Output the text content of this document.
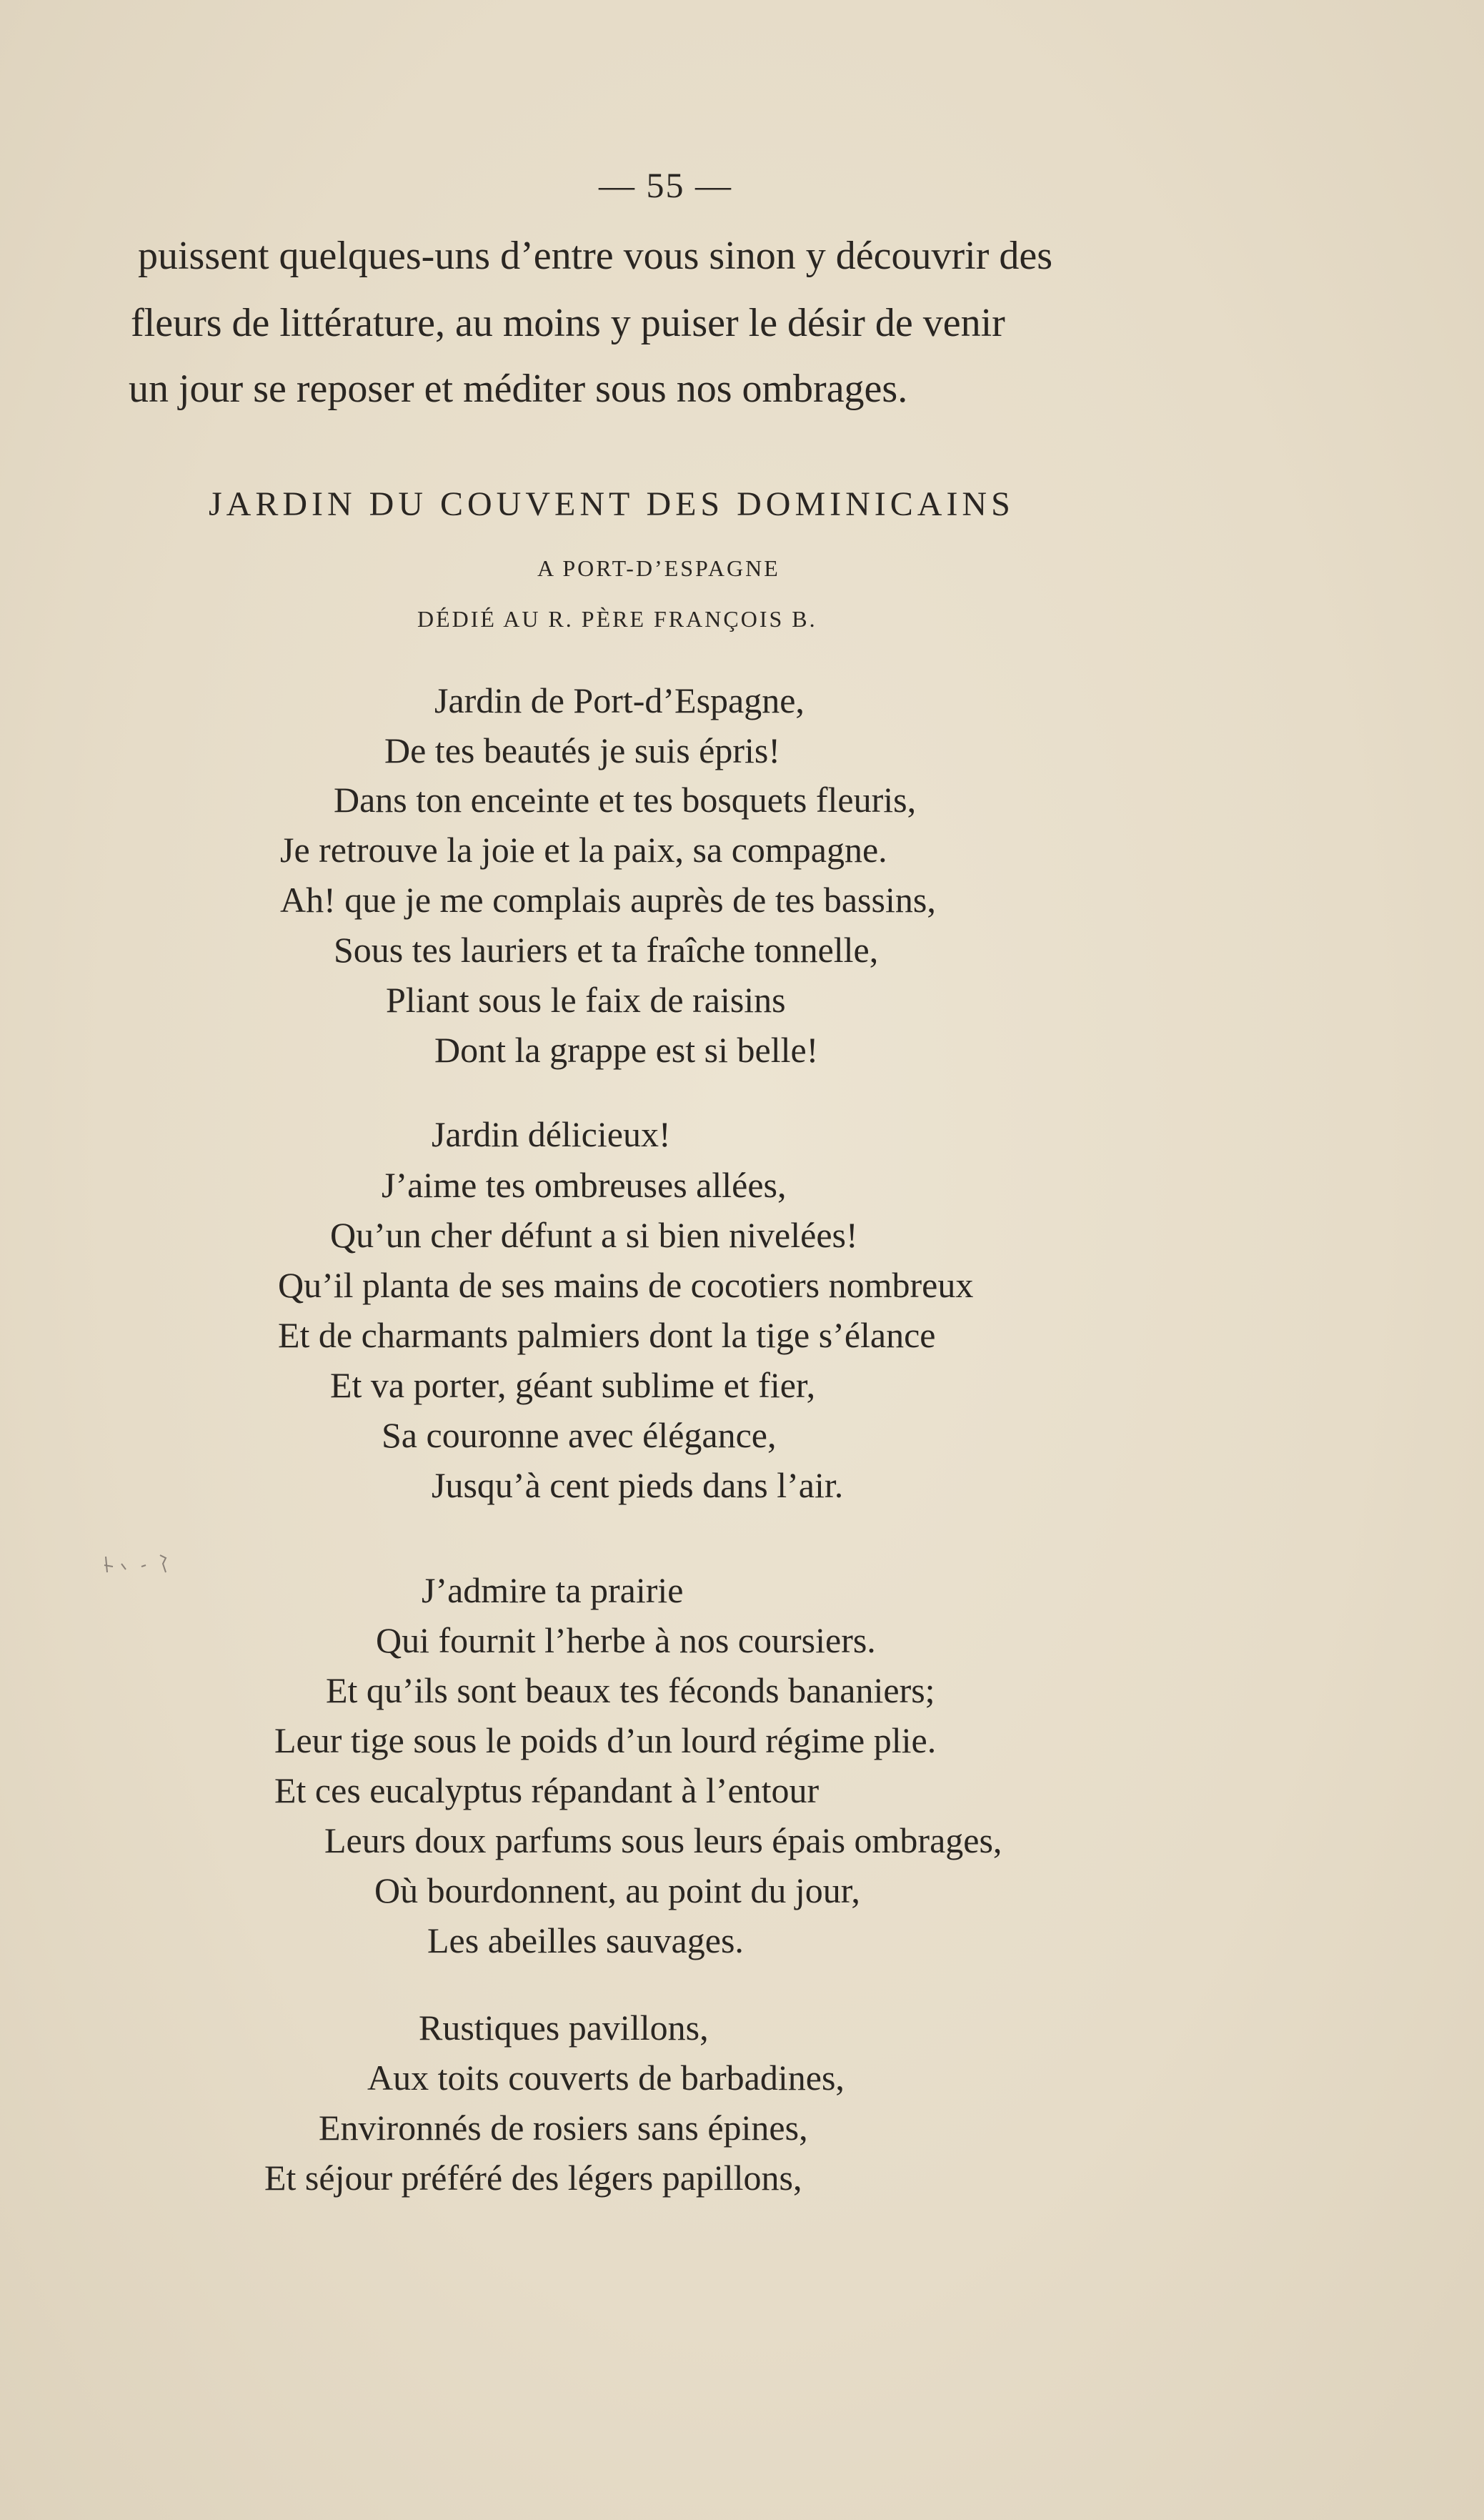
— 55 —
puissent quelques-uns d’entre vous sinon y découvrir des
fleurs de littérature, au moins y puiser le désir de venir
un jour se reposer et méditer sous nos ombrages.
JARDIN DU COUVENT DES DOMINICAINS
A PORT-D’ESPAGNE
DÉDIÉ AU R. PÈRE FRANÇOIS B.
Jardin de Port-d’Espagne,
De tes beautés je suis épris!
Dans ton enceinte et tes bosquets fleuris,
Je retrouve la joie et la paix, sa compagne.
Ah! que je me complais auprès de tes bassins,
Sous tes lauriers et ta fraîche tonnelle,
Pliant sous le faix de raisins
Dont la grappe est si belle!
Jardin délicieux!
J’aime tes ombreuses allées,
Qu’un cher défunt a si bien nivelées!
Qu’il planta de ses mains de cocotiers nombreux
Et de charmants palmiers dont la tige s’élance
Et va porter, géant sublime et fier,
Sa couronne avec élégance,
Jusqu’à cent pieds dans l’air.
J’admire ta prairie
Qui fournit l’herbe à nos coursiers.
Et qu’ils sont beaux tes féconds bananiers;
Leur tige sous le poids d’un lourd régime plie.
Et ces eucalyptus répandant à l’entour
Leurs doux parfums sous leurs épais ombrages,
Où bourdonnent, au point du jour,
Les abeilles sauvages.
Rustiques pavillons,
Aux toits couverts de barbadines,
Environnés de rosiers sans épines,
Et séjour préféré des légers papillons,
